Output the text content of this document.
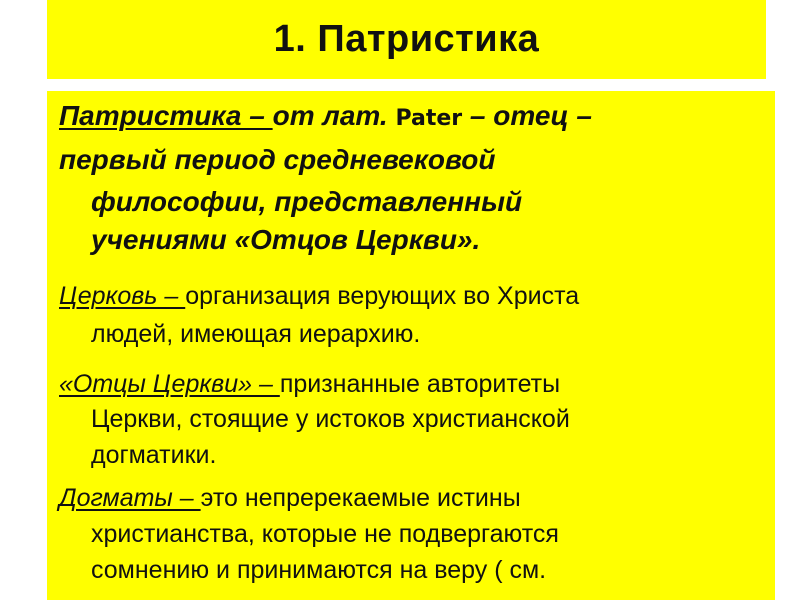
1. Патристика
Патристика – от лат. Pater – отец –
первый период средневековой
философии, представленный
учениями «Отцов Церкви».
Церковь – организация верующих во Христа
людей, имеющая иерархию.
«Отцы Церкви» – признанные авторитеты
Церкви, стоящие у истоков христианской
догматики.
Догматы – это непререкаемые истины
христианства, которые не подвергаются
сомнению и принимаются на веру ( см.
